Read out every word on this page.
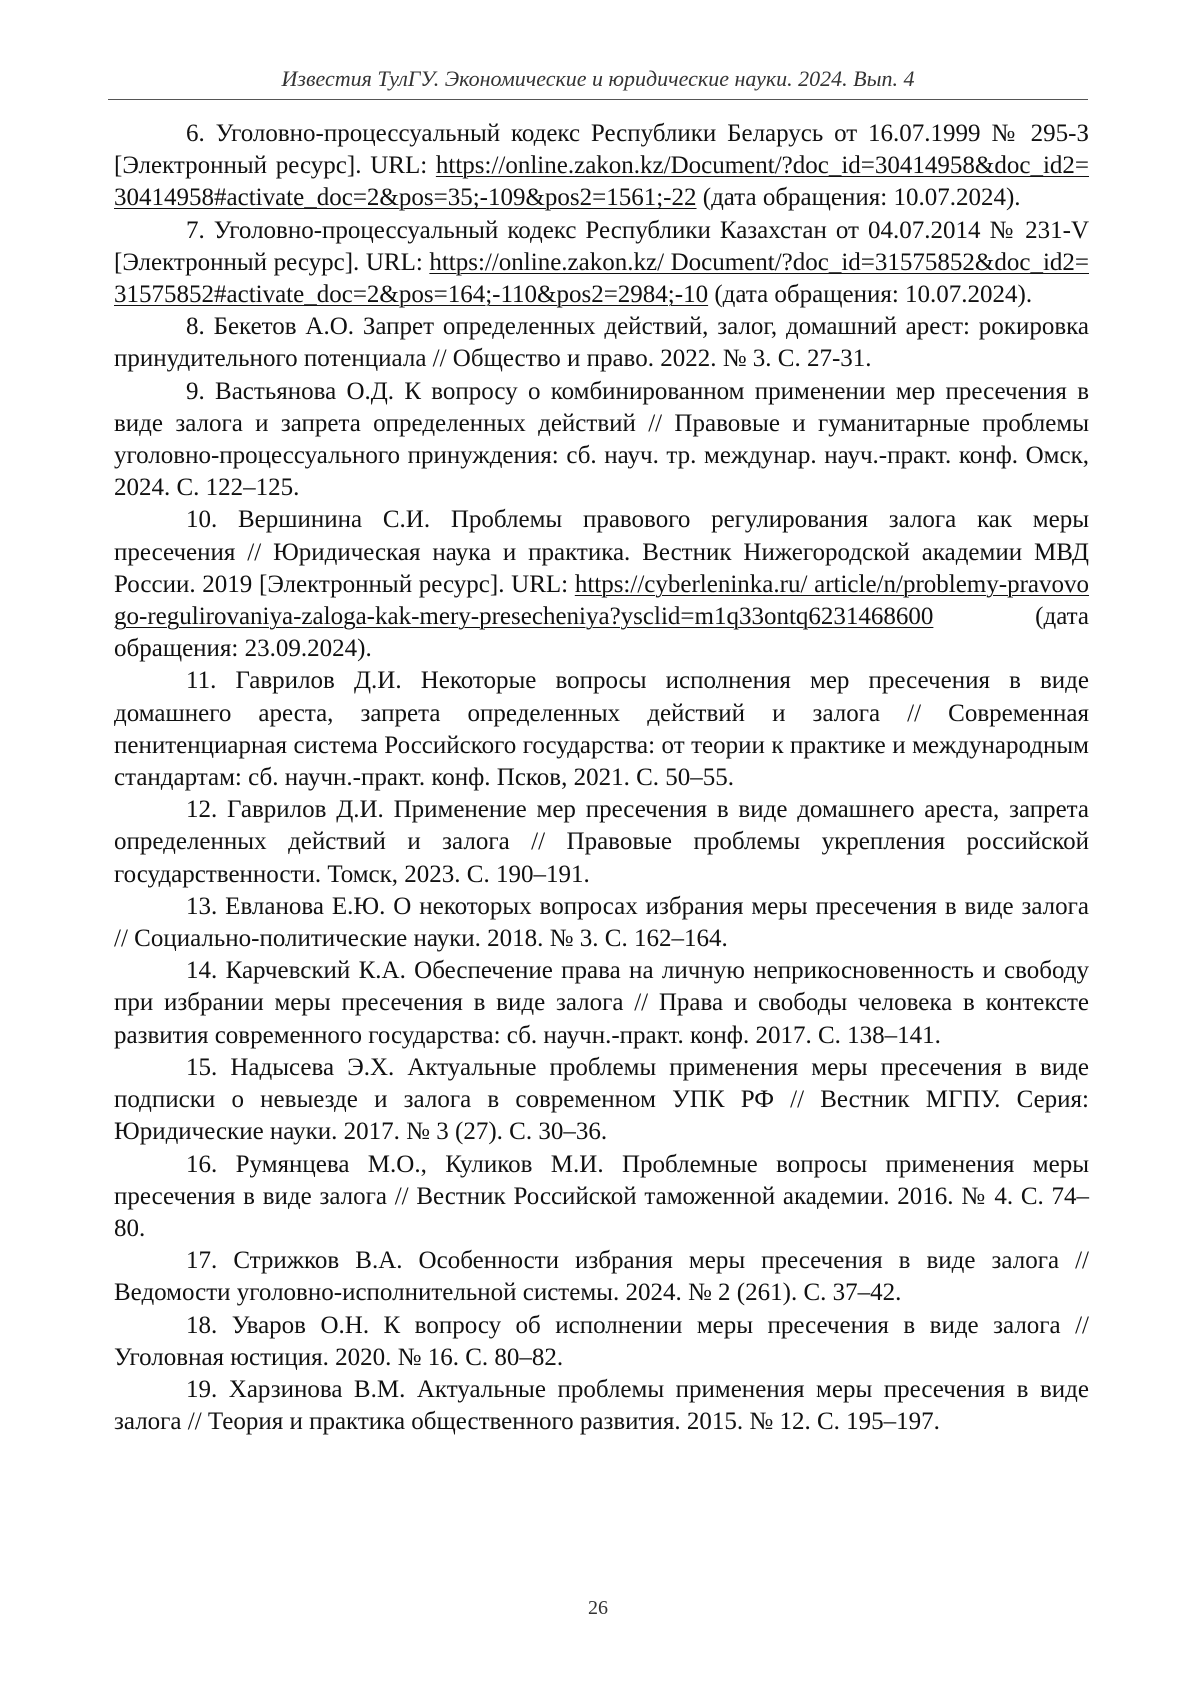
Известия ТулГУ. Экономические и юридические науки. 2024. Вып. 4
6. Уголовно-процессуальный кодекс Республики Беларусь от 16.07.1999 № 295-З [Электронный ресурс]. URL: https://online.zakon.kz/Document/?doc_id=30414958&doc_id2=30414958#activate_doc=2&pos=35;-109&pos2=1561;-22 (дата обращения: 10.07.2024).
7. Уголовно-процессуальный кодекс Республики Казахстан от 04.07.2014 № 231-V [Электронный ресурс]. URL: https://online.zakon.kz/ Document/?doc_id=31575852&doc_id2=31575852#activate_doc=2&pos=164;-110&pos2=2984;-10 (дата обращения: 10.07.2024).
8. Бекетов А.О. Запрет определенных действий, залог, домашний арест: рокировка принудительного потенциала // Общество и право. 2022. № 3. С. 27-31.
9. Вастьянова О.Д. К вопросу о комбинированном применении мер пресечения в виде залога и запрета определенных действий // Правовые и гуманитарные проблемы уголовно-процессуального принуждения: сб. науч. тр. междунар. науч.-практ. конф. Омск, 2024. С. 122–125.
10. Вершинина С.И. Проблемы правового регулирования залога как меры пресечения // Юридическая наука и практика. Вестник Нижегородской академии МВД России. 2019 [Электронный ресурс]. URL: https://cyberleninka.ru/ article/n/problemy-pravovogo-regulirovaniya-zaloga-kak-mery-presecheniya?ysclid=m1q33ontq6231468600 (дата обращения: 23.09.2024).
11. Гаврилов Д.И. Некоторые вопросы исполнения мер пресечения в виде домашнего ареста, запрета определенных действий и залога // Современная пенитенциарная система Российского государства: от теории к практике и международным стандартам: сб. научн.-практ. конф. Псков, 2021. С. 50–55.
12. Гаврилов Д.И. Применение мер пресечения в виде домашнего ареста, запрета определенных действий и залога // Правовые проблемы укрепления российской государственности. Томск, 2023. С. 190–191.
13. Евланова Е.Ю. О некоторых вопросах избрания меры пресечения в виде залога // Социально-политические науки. 2018. № 3. С. 162–164.
14. Карчевский К.А. Обеспечение права на личную неприкосновенность и свободу при избрании меры пресечения в виде залога // Права и свободы человека в контексте развития современного государства: сб. научн.-практ. конф. 2017. С. 138–141.
15. Надысева Э.Х. Актуальные проблемы применения меры пресечения в виде подписки о невыезде и залога в современном УПК РФ // Вестник МГПУ. Серия: Юридические науки. 2017. № 3 (27). С. 30–36.
16. Румянцева М.О., Куликов М.И. Проблемные вопросы применения меры пресечения в виде залога // Вестник Российской таможенной академии. 2016. № 4. С. 74–80.
17. Стрижков В.А. Особенности избрания меры пресечения в виде залога // Ведомости уголовно-исполнительной системы. 2024. № 2 (261). С. 37–42.
18. Уваров О.Н. К вопросу об исполнении меры пресечения в виде залога // Уголовная юстиция. 2020. № 16. С. 80–82.
19. Харзинова В.М. Актуальные проблемы применения меры пресечения в виде залога // Теория и практика общественного развития. 2015. № 12. С. 195–197.
26
